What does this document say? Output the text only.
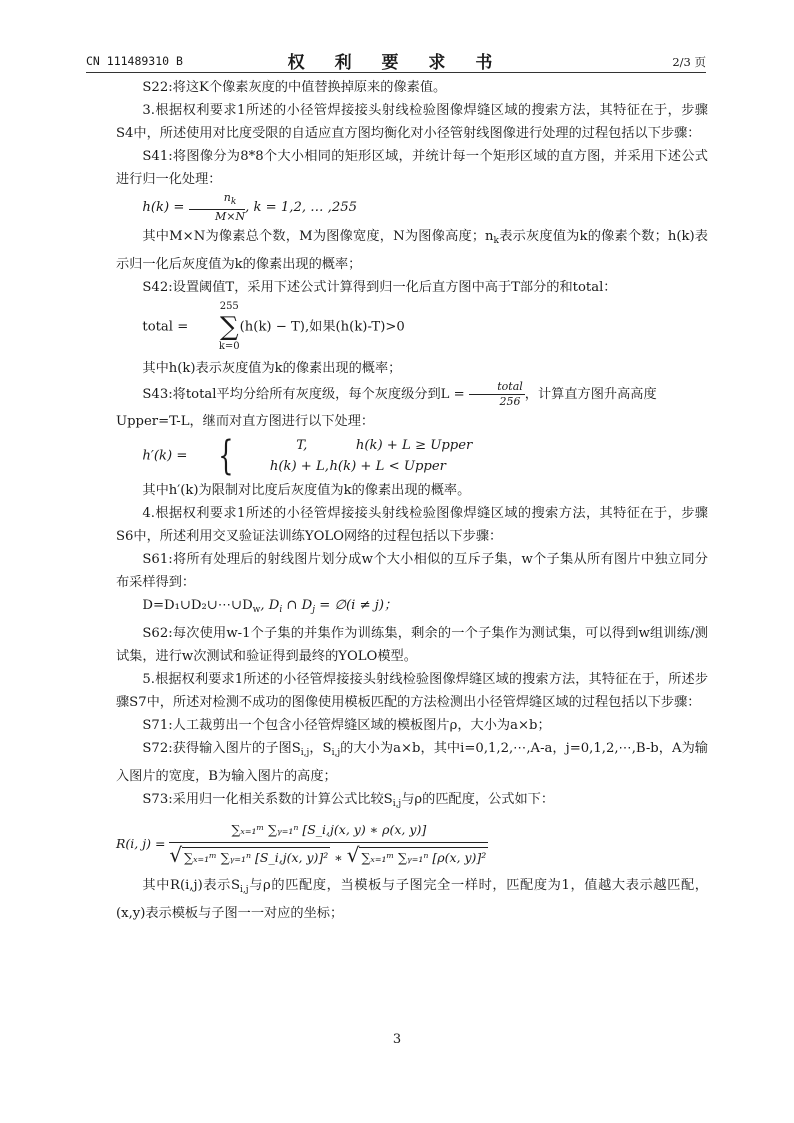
CN 111489310 B	权 利 要 求 书	2/3 页

S22:将这K个像素灰度的中值替换掉原来的像素值。

3.根据权利要求1所述的小径管焊接接头射线检验图像焊缝区域的搜索方法，其特征在于，步骤S4中，所述使用对比度受限的自适应直方图均衡化对小径管射线图像进行处理的过程包括以下步骤：

S41:将图像分为8*8个大小相同的矩形区域，并统计每一个矩形区域的直方图，并采用下述公式进行归一化处理：

$h(k) = \frac{n_k}{M\times N}$ , k = 1,2, … ,255

其中M×N为像素总个数，M为图像宽度，N为图像高度；$n_k$表示灰度值为k的像素个数；h(k)表示归一化后灰度值为k的像素出现的概率；

S42:设置阈值T，采用下述公式计算得到归一化后直方图中高于T部分的和total：

total =
255
∑
k=0
(h(k) − T),如果(h(k)-T)>0

其中h(k)表示灰度值为k的像素出现的概率；

S43:将total平均分给所有灰度级，每个灰度级分到$L = \frac{\text{total}}{256}$ ，计算直方图升高高度

Upper=T-L，继而对直方图进行以下处理：

h′(k) = {	T,	h(k) + L ≥ Upper
h(k) + L,h(k) + L < Upper

其中h′(k)为限制对比度后灰度值为k的像素出现的概率。

4.根据权利要求1所述的小径管焊接接头射线检验图像焊缝区域的搜索方法，其特征在于，步骤S6中，所述利用交叉验证法训练YOLO网络的过程包括以下步骤：

S61:将所有处理后的射线图片划分成w个大小相似的互斥子集，w个子集从所有图片中独立同分布采样得到：

$D=D_1\cup D_2\cup\cdots\cup D_w$, $D_i$ ∩ $D_j$ = ∅(i ≠ j)；

S62:每次使用w-1个子集的并集作为训练集，剩余的一个子集作为测试集，可以得到w组训练/测试集，进行w次测试和验证得到最终的YOLO模型。

5.根据权利要求1所述的小径管焊接接头射线检验图像焊缝区域的搜索方法，其特征在于，所述步骤S7中，所述对检测不成功的图像使用模板匹配的方法检测出小径管焊缝区域的过程包括以下步骤：

S71:人工裁剪出一个包含小径管焊缝区域的模板图片ρ，大小为a×b；

S72:获得输入图片的子图$S_{i,j}$，$S_{i,j}$的大小为a×b，其中i=0,1,2,⋯,A-a，j=0,1,2,⋯,B-b，A为输入图片的宽度，B为输入图片的高度；

S73:采用归一化相关系数的计算公式比较$S_{i,j}$与ρ的匹配度，公式如下：

R(i, $j) = \frac{\text{∑ₓ₌₁ᵐ ∑ᵧ₌₁ⁿ [S\_i,j(x, y) ∗ ρ(x, y)]}}{\text{√ ∑ₓ₌₁ᵐ ∑ᵧ₌₁ⁿ [S\_i,j(x, y)]² ∗ √ ∑ₓ₌₁ᵐ ∑ᵧ₌₁ⁿ [ρ(x, y)]²}}$

其中R(i,j)表示$S_{i,j}$与ρ的匹配度，当模板与子图完全一样时，匹配度为1，值越大表示越匹配，(x,y)表示模板与子图一一对应的坐标；

3
